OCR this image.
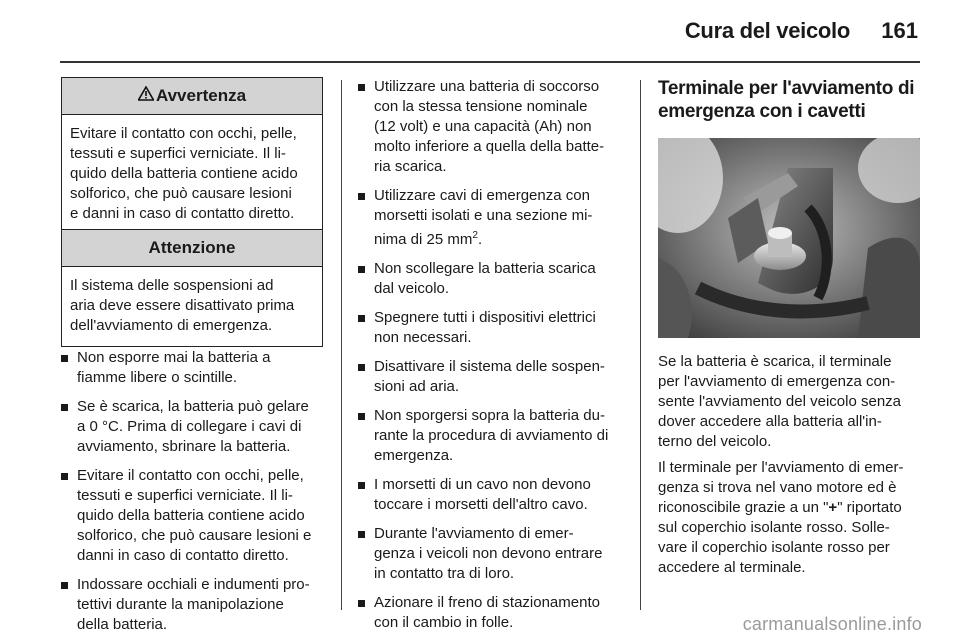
Cura del veicolo	161
Avvertenza
Evitare il contatto con occhi, pelle,
tessuti e superfici verniciate. Il li-
quido della batteria contiene acido
solforico, che può causare lesioni
e danni in caso di contatto diretto.
Attenzione
Il sistema delle sospensioni ad
aria deve essere disattivato prima
dell'avviamento di emergenza.
Non esporre mai la batteria a
fiamme libere o scintille.
Se è scarica, la batteria può gelare
a 0 °C. Prima di collegare i cavi di
avviamento, sbrinare la batteria.
Evitare il contatto con occhi, pelle,
tessuti e superfici verniciate. Il li-
quido della batteria contiene acido
solforico, che può causare lesioni e
danni in caso di contatto diretto.
Indossare occhiali e indumenti pro-
tettivi durante la manipolazione
della batteria.
Utilizzare una batteria di soccorso
con la stessa tensione nominale
(12 volt) e una capacità (Ah) non
molto inferiore a quella della batte-
ria scarica.
Utilizzare cavi di emergenza con
morsetti isolati e una sezione mi-
nima di 25 $mm^2$.
Non scollegare la batteria scarica
dal veicolo.
Spegnere tutti i dispositivi elettrici
non necessari.
Disattivare il sistema delle sospen-
sioni ad aria.
Non sporgersi sopra la batteria du-
rante la procedura di avviamento di
emergenza.
I morsetti di un cavo non devono
toccare i morsetti dell'altro cavo.
Durante l'avviamento di emer-
genza i veicoli non devono entrare
in contatto tra di loro.
Azionare il freno di stazionamento
con il cambio in folle.
Terminale per l'avviamento di
emergenza con i cavetti
Se la batteria è scarica, il terminale
per l'avviamento di emergenza con-
sente l'avviamento del veicolo senza
dover accedere alla batteria all'in-
terno del veicolo.
Il terminale per l'avviamento di emer-
genza si trova nel vano motore ed è
riconoscibile grazie a un "+" riportato
sul coperchio isolante rosso. Solle-
vare il coperchio isolante rosso per
accedere al terminale.
carmanualsonline.info
